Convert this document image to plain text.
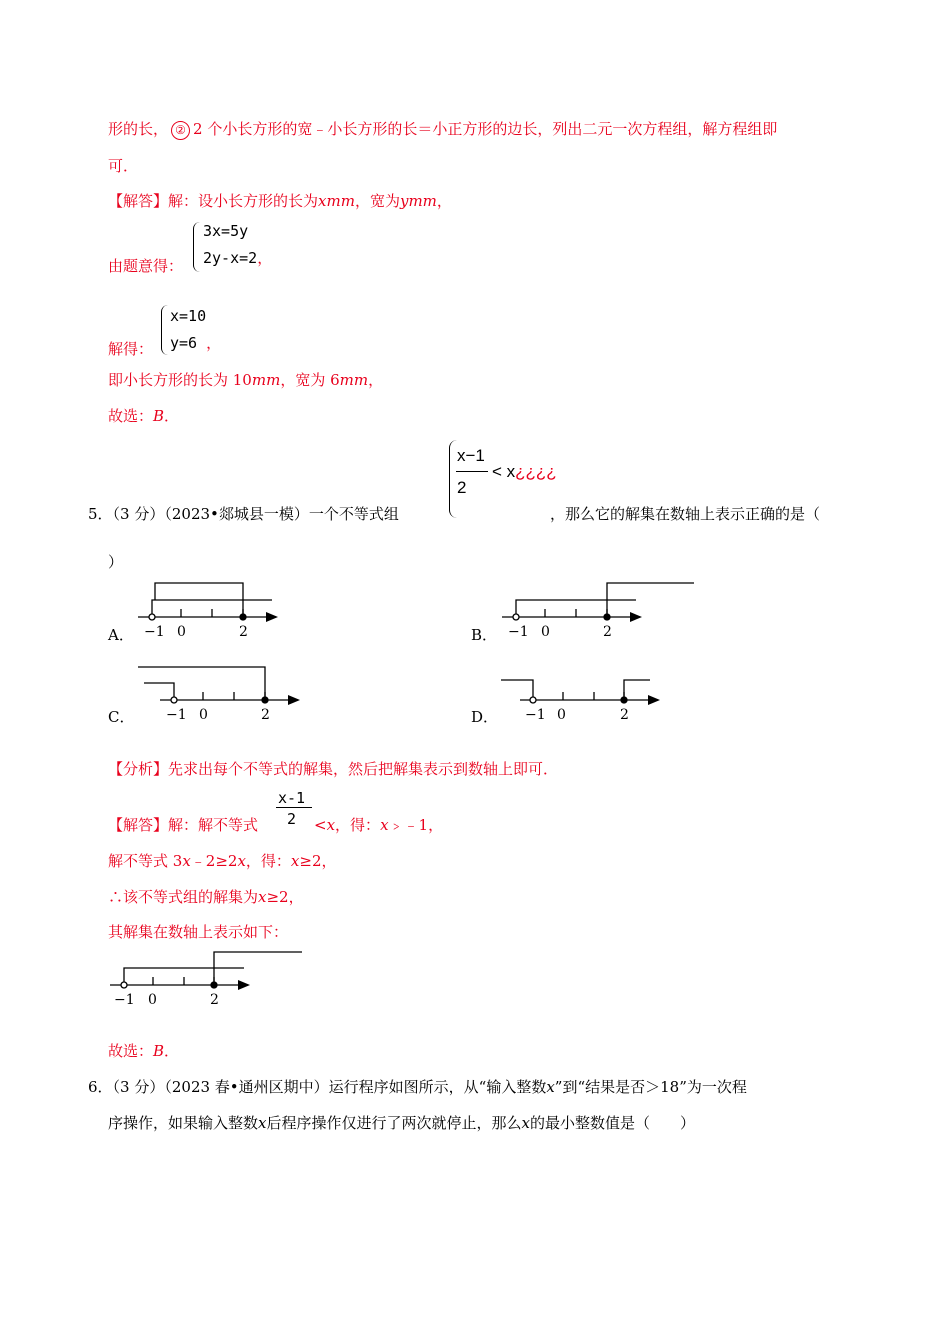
形的长， ② 2 个小长方形的宽﹣小长方形的长＝小正方形的边长，列出二元一次方程组，解方程组即
可．
【解答】解：设小长方形的长为xmm，宽为ymm，
由题意得：
3x=5y
2y-x=2，
解得：
x=10
y=6 ，
即小长方形的长为 10mm，宽为 6mm，
故选：B．
x−1
2
< x¿¿¿¿
5．（3 分）（2023•郯城县一模）一个不等式组	，那么它的解集在数轴上表示正确的是（
）
A．	B．
C．	D．
−1 0	2	−1 0	2
−1 0	2	−1 0	2
−1 0	2
【分析】先求出每个不等式的解集，然后把解集表示到数轴上即可．
x-1
2
【解答】解：解不等式	<x，得：x﹥﹣1，
解不等式 3x﹣2≥2x，得：x≥2，
∴该不等式组的解集为x≥2，
其解集在数轴上表示如下：
故选：B．
6．（3 分）（2023 春•通州区期中）运行程序如图所示，从“输入整数x”到“结果是否＞18”为一次程
序操作，如果输入整数x后程序操作仅进行了两次就停止，那么x的最小整数值是（　　）
